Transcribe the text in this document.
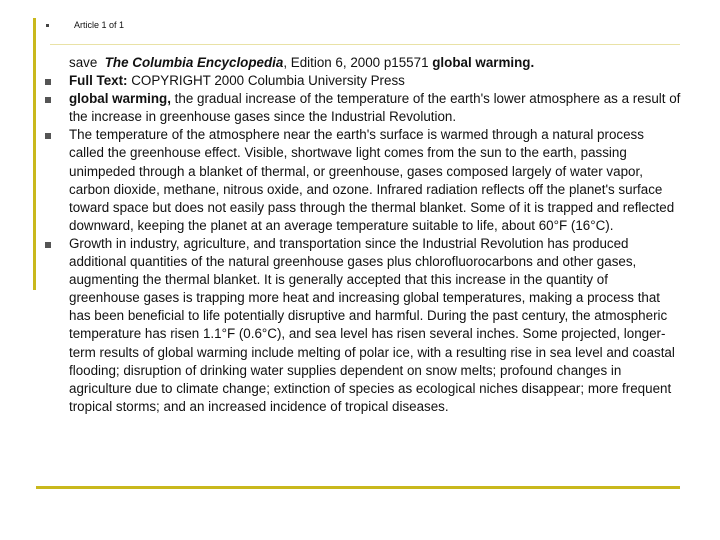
Article 1 of 1

save The Columbia Encyclopedia, Edition 6, 2000 p15571 global warming.

Full Text: COPYRIGHT 2000 Columbia University Press

global warming, the gradual increase of the temperature of the earth's lower atmosphere as a result of the increase in greenhouse gases since the Industrial Revolution.

The temperature of the atmosphere near the earth's surface is warmed through a natural process called the greenhouse effect. Visible, shortwave light comes from the sun to the earth, passing unimpeded through a blanket of thermal, or greenhouse, gases composed largely of water vapor, carbon dioxide, methane, nitrous oxide, and ozone. Infrared radiation reflects off the planet's surface toward space but does not easily pass through the thermal blanket. Some of it is trapped and reflected downward, keeping the planet at an average temperature suitable to life, about 60°F (16°C).

Growth in industry, agriculture, and transportation since the Industrial Revolution has produced additional quantities of the natural greenhouse gases plus chlorofluorocarbons and other gases, augmenting the thermal blanket. It is generally accepted that this increase in the quantity of greenhouse gases is trapping more heat and increasing global temperatures, making a process that has been beneficial to life potentially disruptive and harmful. During the past century, the atmospheric temperature has risen 1.1°F (0.6°C), and sea level has risen several inches. Some projected, longer-term results of global warming include melting of polar ice, with a resulting rise in sea level and coastal flooding; disruption of drinking water supplies dependent on snow melts; profound changes in agriculture due to climate change; extinction of species as ecological niches disappear; more frequent tropical storms; and an increased incidence of tropical diseases.
